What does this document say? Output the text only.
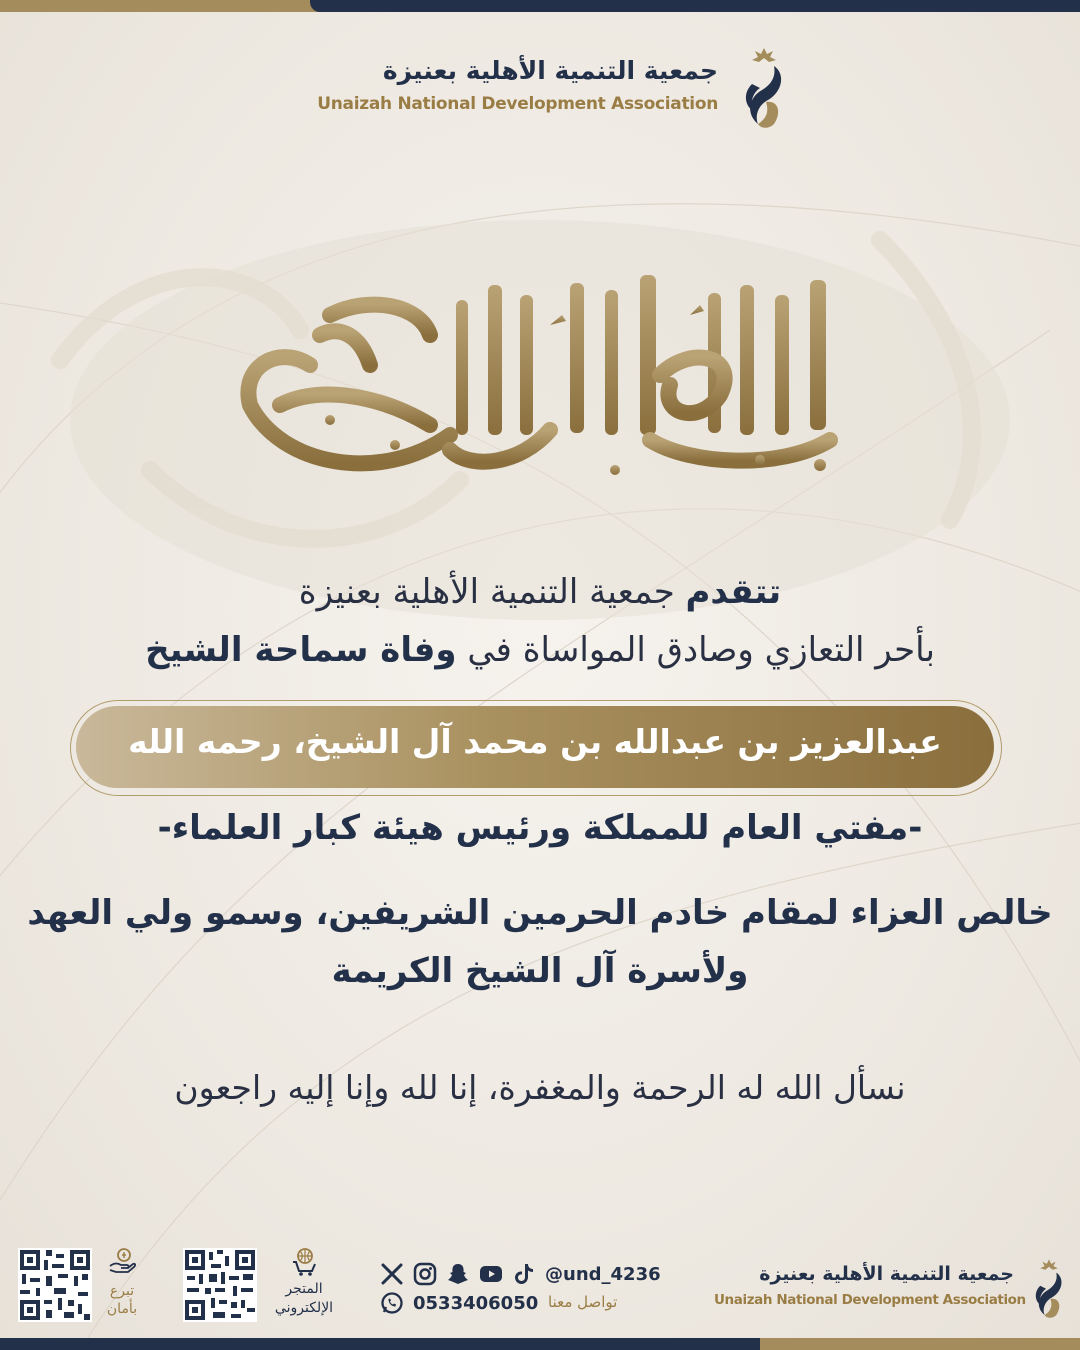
جمعية التنمية الأهلية بعنيزة
Unaizah National Development Association
تتقدم جمعية التنمية الأهلية بعنيزة
بأحر التعازي وصادق المواساة في وفاة سماحة الشيخ
عبدالعزيز بن عبدالله بن محمد آل الشيخ، رحمه الله
-مفتي العام للمملكة ورئيس هيئة كبار العلماء-
خالص العزاء لمقام خادم الحرمين الشريفين، وسمو ولي العهد
ولأسرة آل الشيخ الكريمة
نسأل الله له الرحمة والمغفرة، إنا لله وإنا إليه راجعون
جمعية التنمية الأهلية بعنيزة
Unaizah National Development Association
@und_4236
0533406050 تواصل معنا
المتجر
الإلكتروني
تبرع
بأمان
